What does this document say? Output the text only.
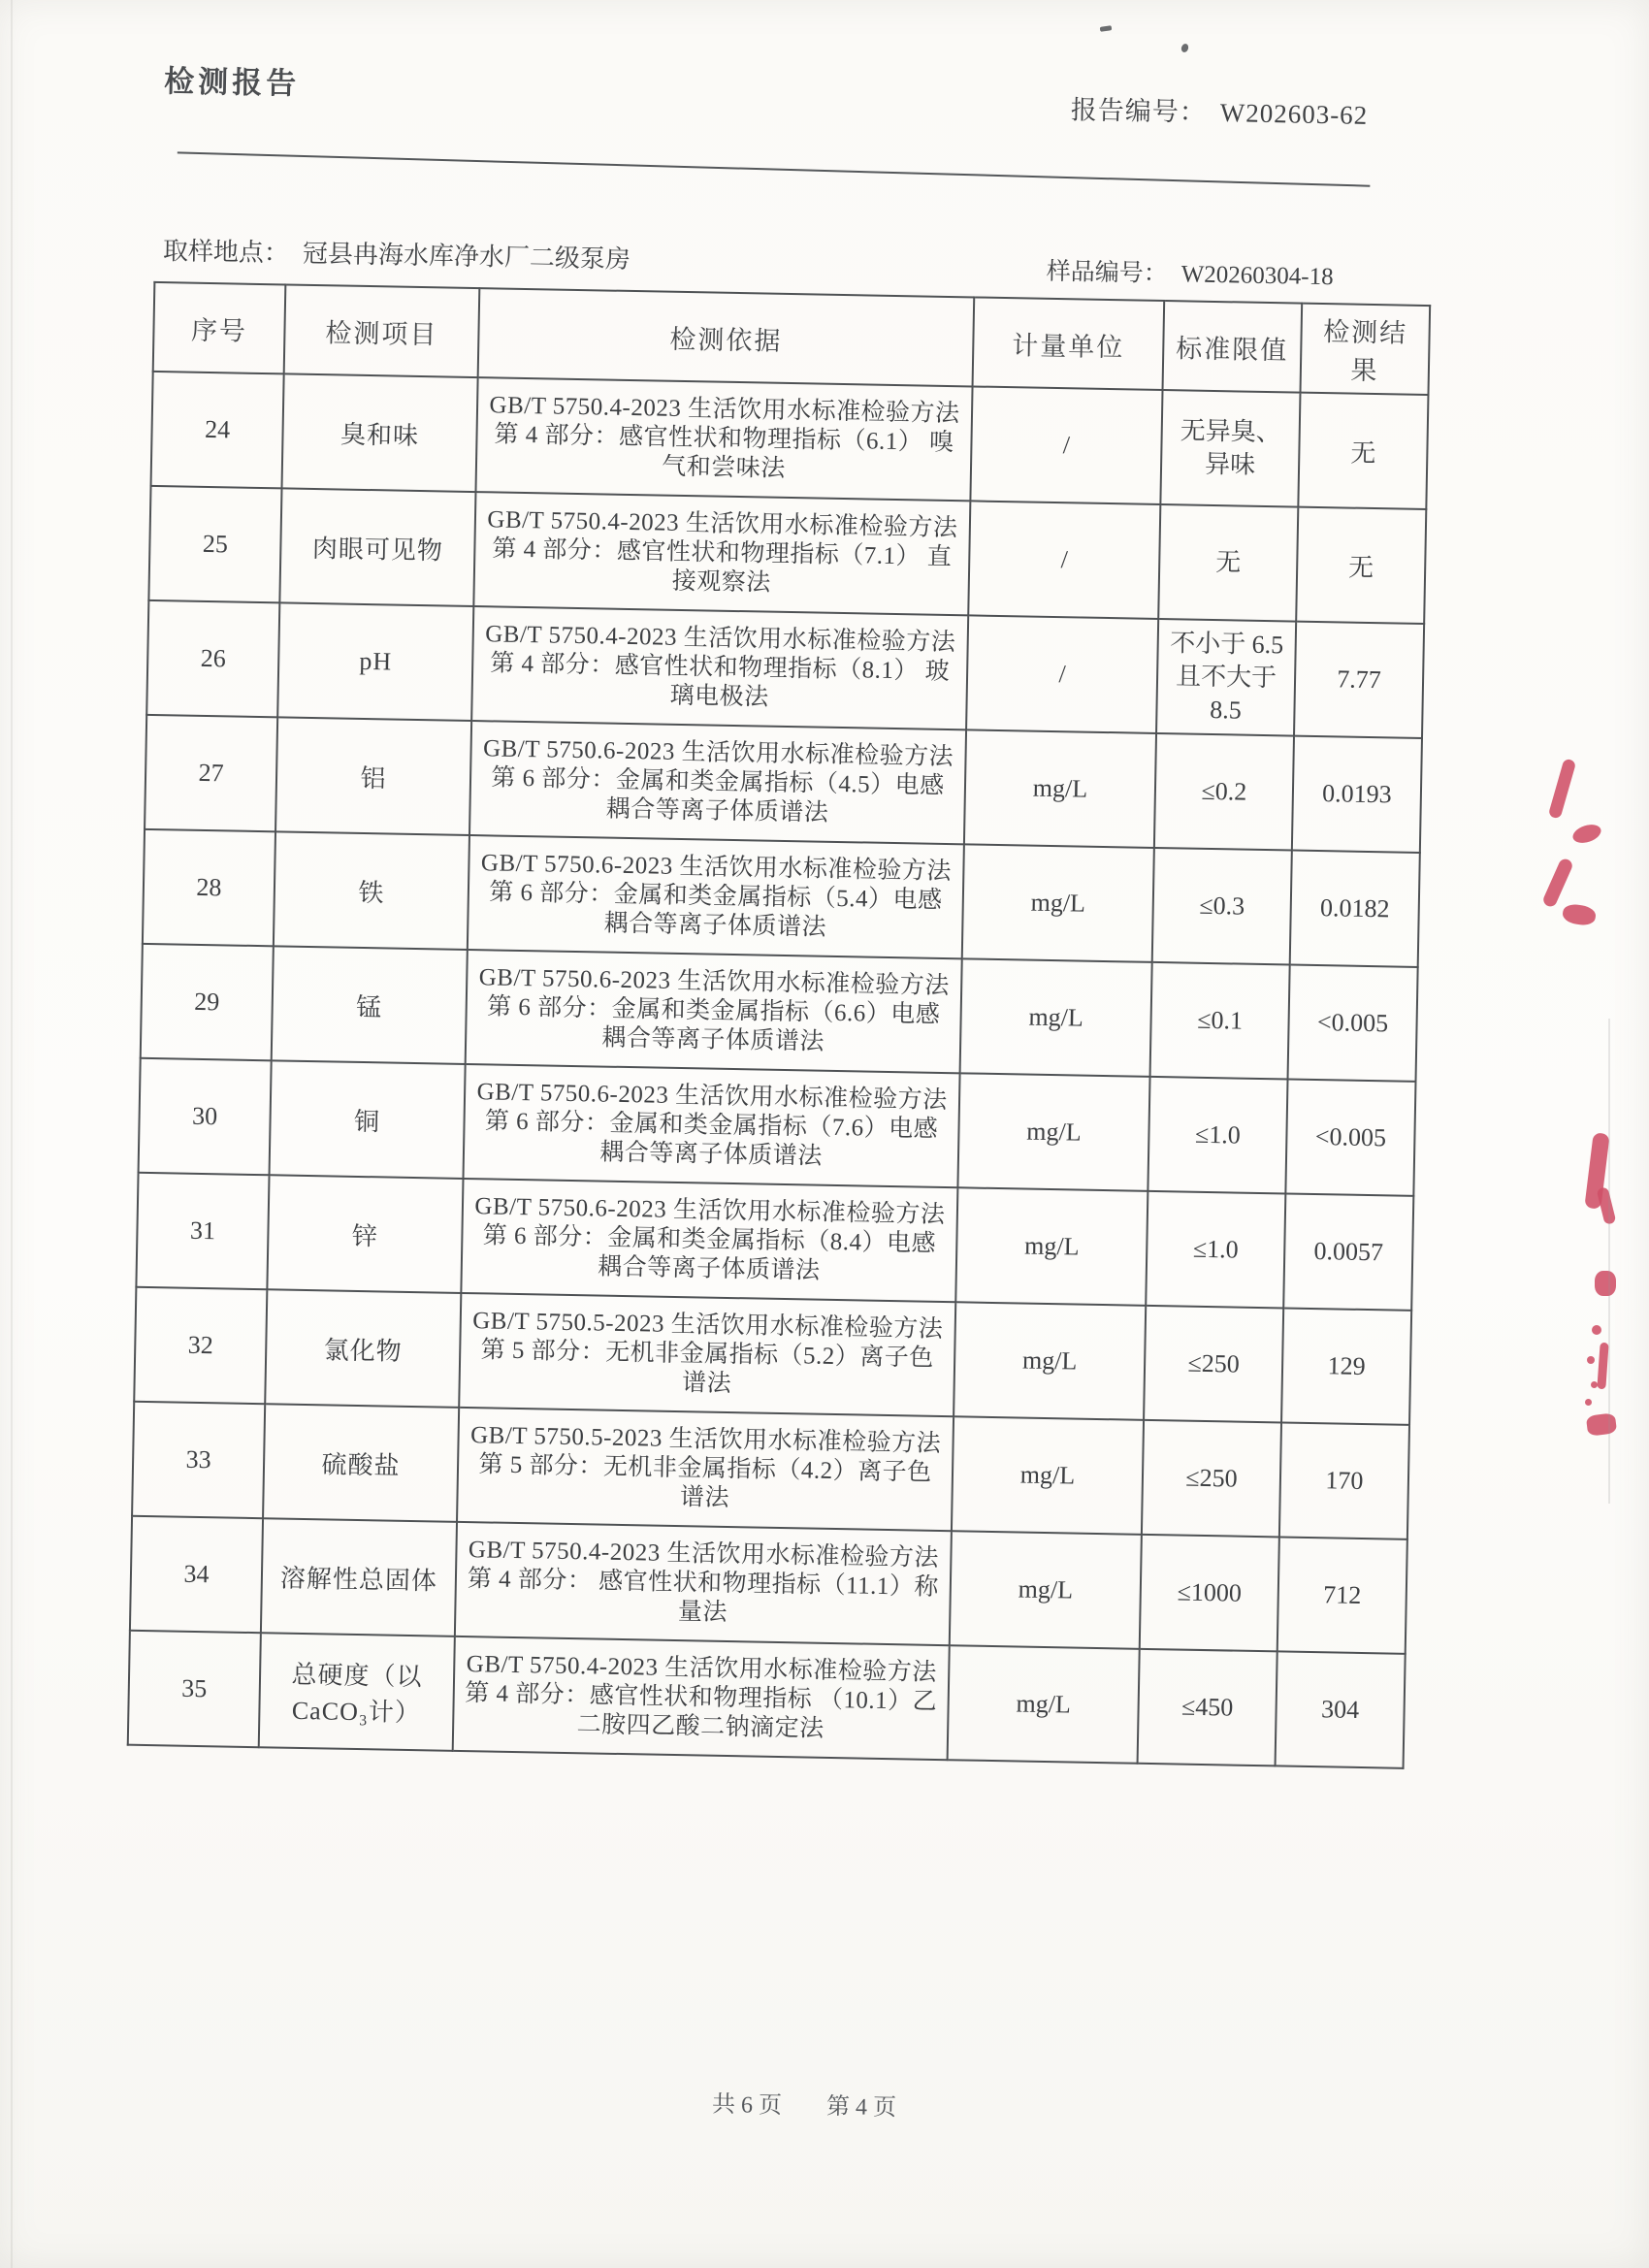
检测报告
报告编号： W202603-62
取样地点： 冠县冉海水库净水厂二级泵房	样品编号： W20260304-18
序号	检测项目	检测依据	计量单位	标准限值	检测结果
24	臭和味	GB/T 5750.4-2023 生活饮用水标准检验方法 第 4 部分：感官性状和物理指标（6.1） 嗅气和尝味法	/	无异臭、异味	无
25	肉眼可见物	GB/T 5750.4-2023 生活饮用水标准检验方法 第 4 部分：感官性状和物理指标（7.1） 直接观察法	/	无	无
26	pH	GB/T 5750.4-2023 生活饮用水标准检验方法 第 4 部分：感官性状和物理指标（8.1） 玻璃电极法	/	不小于 6.5 且不大于 8.5	7.77
27	铝	GB/T 5750.6-2023 生活饮用水标准检验方法 第 6 部分：金属和类金属指标（4.5）电感耦合等离子体质谱法	mg/L	≤0.2	0.0193
28	铁	GB/T 5750.6-2023 生活饮用水标准检验方法 第 6 部分：金属和类金属指标（5.4）电感耦合等离子体质谱法	mg/L	≤0.3	0.0182
29	锰	GB/T 5750.6-2023 生活饮用水标准检验方法 第 6 部分：金属和类金属指标（6.6）电感耦合等离子体质谱法	mg/L	≤0.1	<0.005
30	铜	GB/T 5750.6-2023 生活饮用水标准检验方法 第 6 部分：金属和类金属指标（7.6）电感耦合等离子体质谱法	mg/L	≤1.0	<0.005
31	锌	GB/T 5750.6-2023 生活饮用水标准检验方法 第 6 部分：金属和类金属指标（8.4）电感耦合等离子体质谱法	mg/L	≤1.0	0.0057
32	氯化物	GB/T 5750.5-2023 生活饮用水标准检验方法 第 5 部分：无机非金属指标（5.2）离子色谱法	mg/L	≤250	129
33	硫酸盐	GB/T 5750.5-2023 生活饮用水标准检验方法 第 5 部分：无机非金属指标（4.2）离子色谱法	mg/L	≤250	170
34	溶解性总固体	GB/T 5750.4-2023 生活饮用水标准检验方法 第 4 部分： 感官性状和物理指标（11.1）称量法	mg/L	≤1000	712
35	总硬度（以CaCO₃计）	GB/T 5750.4-2023 生活饮用水标准检验方法 第 4 部分：感官性状和物理指标 （10.1）乙二胺四乙酸二钠滴定法	mg/L	≤450	304
共 6 页 第 4 页
